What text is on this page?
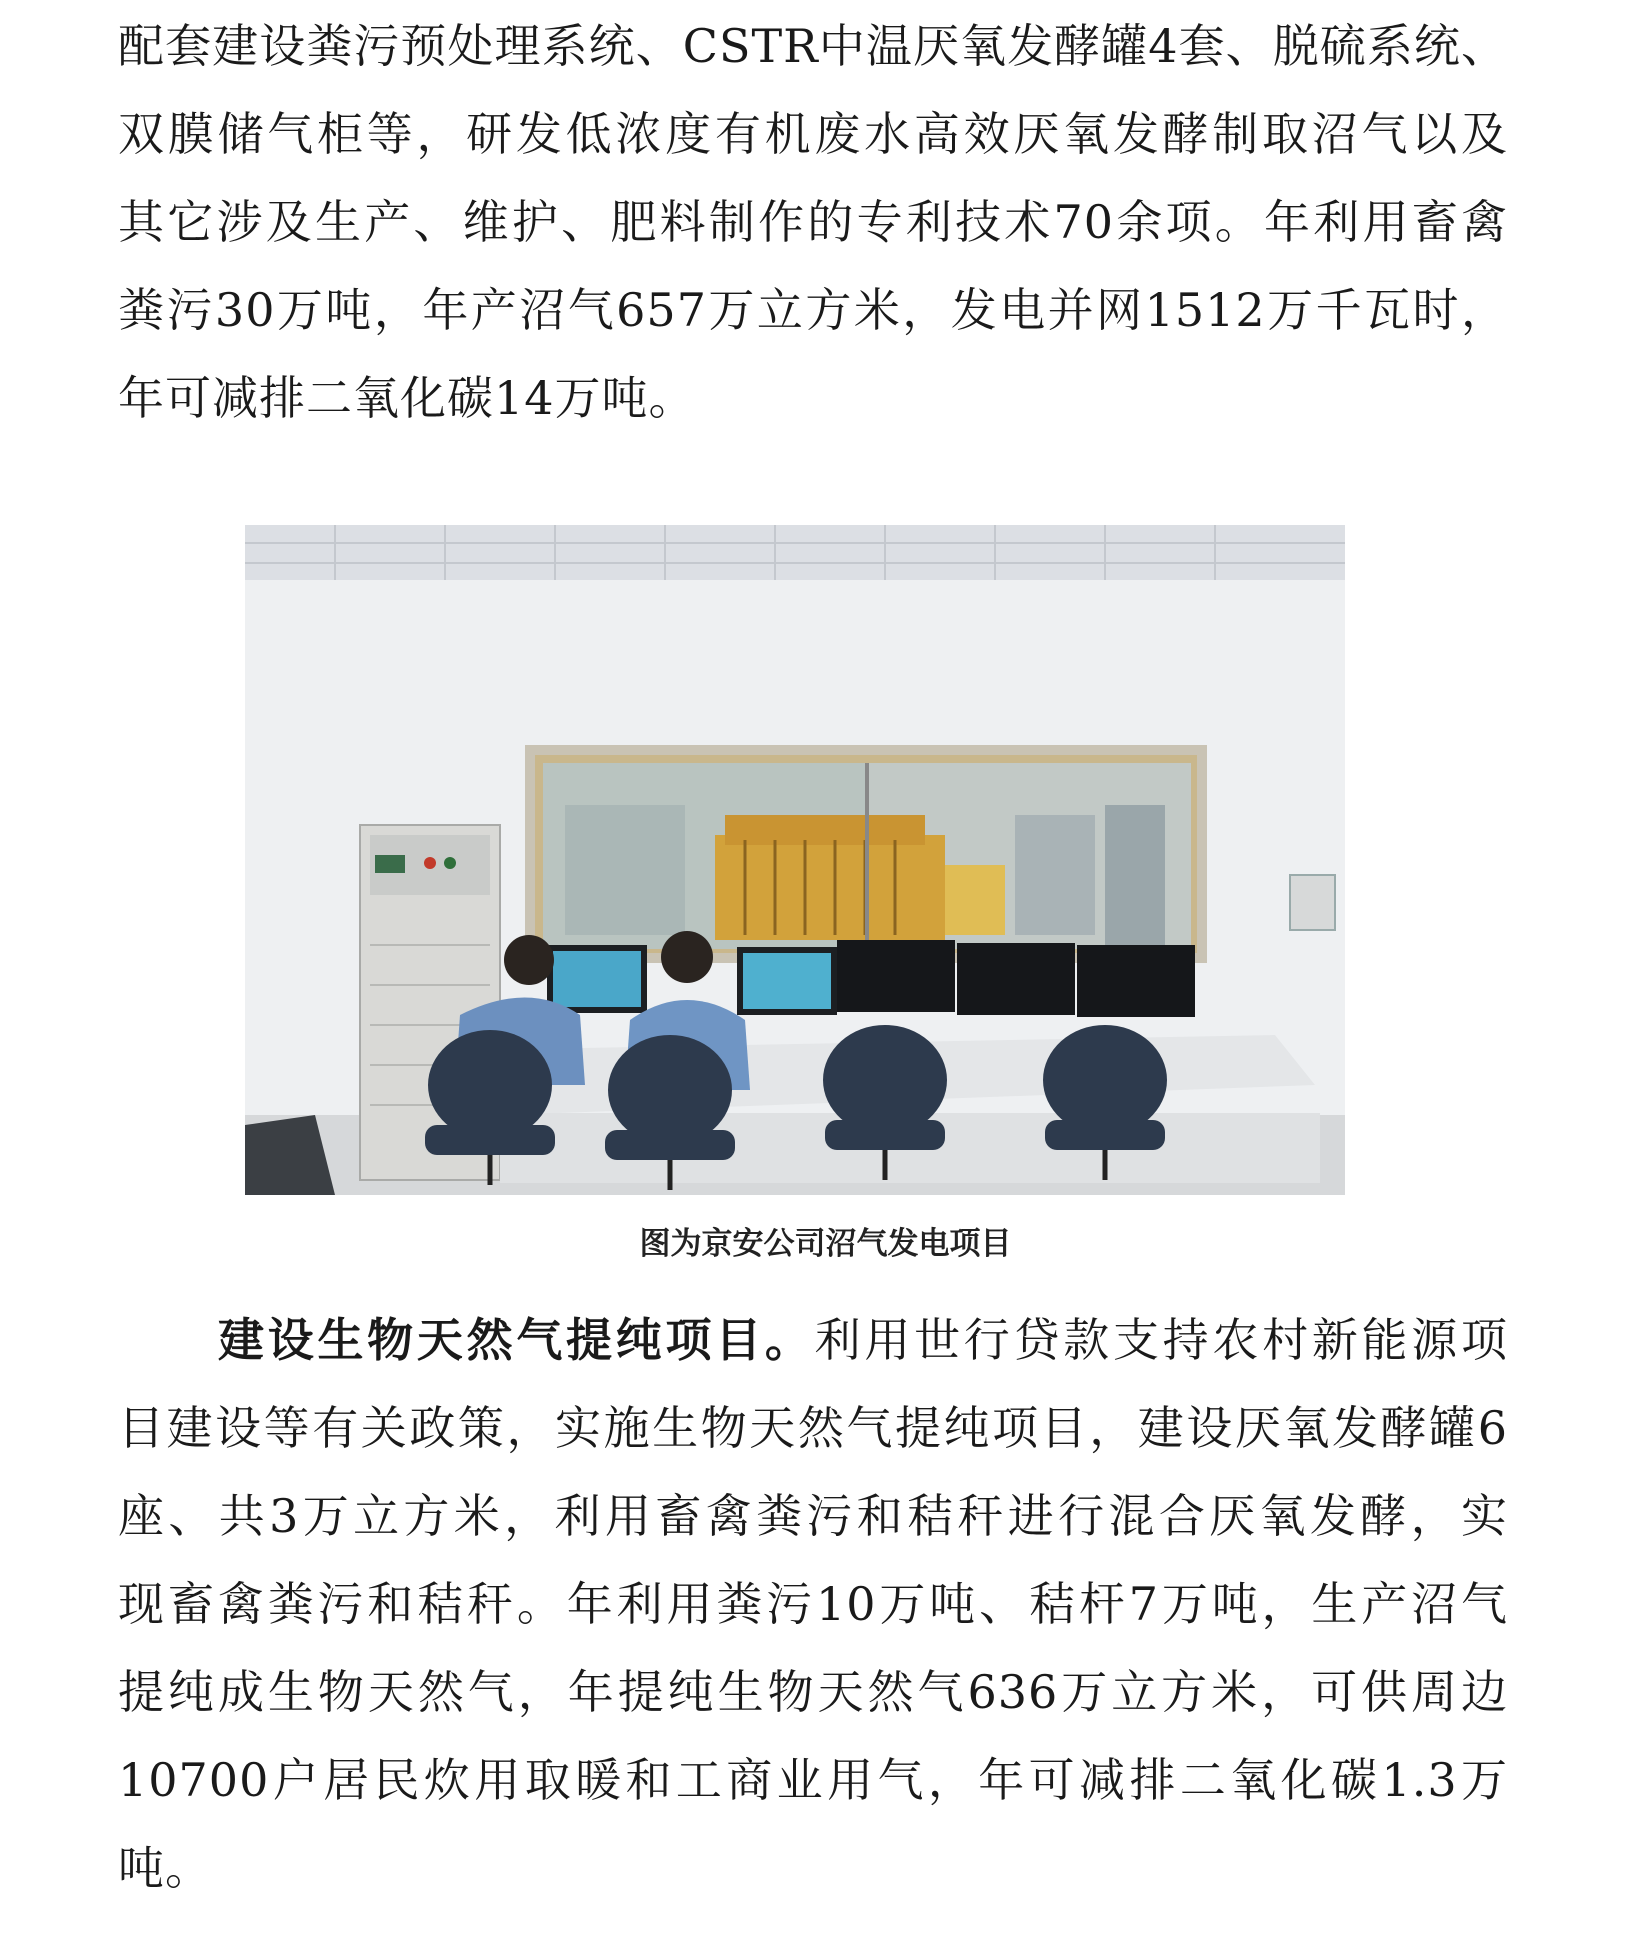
配套建设粪污预处理系统、CSTR中温厌氧发酵罐4套、脱硫系统、
双膜储气柜等，研发低浓度有机废水高效厌氧发酵制取沼气以及
其它涉及生产、维护、肥料制作的专利技术70余项。年利用畜禽
粪污30万吨，年产沼气657万立方米，发电并网1512万千瓦时，
年可减排二氧化碳14万吨。
图为京安公司沼气发电项目
建设生物天然气提纯项目。利用世行贷款支持农村新能源项
目建设等有关政策，实施生物天然气提纯项目，建设厌氧发酵罐6
座、共3万立方米，利用畜禽粪污和秸秆进行混合厌氧发酵，实
现畜禽粪污和秸秆。年利用粪污10万吨、秸杆7万吨，生产沼气
提纯成生物天然气，年提纯生物天然气636万立方米，可供周边
10700户居民炊用取暖和工商业用气，年可减排二氧化碳1.3万
吨。
